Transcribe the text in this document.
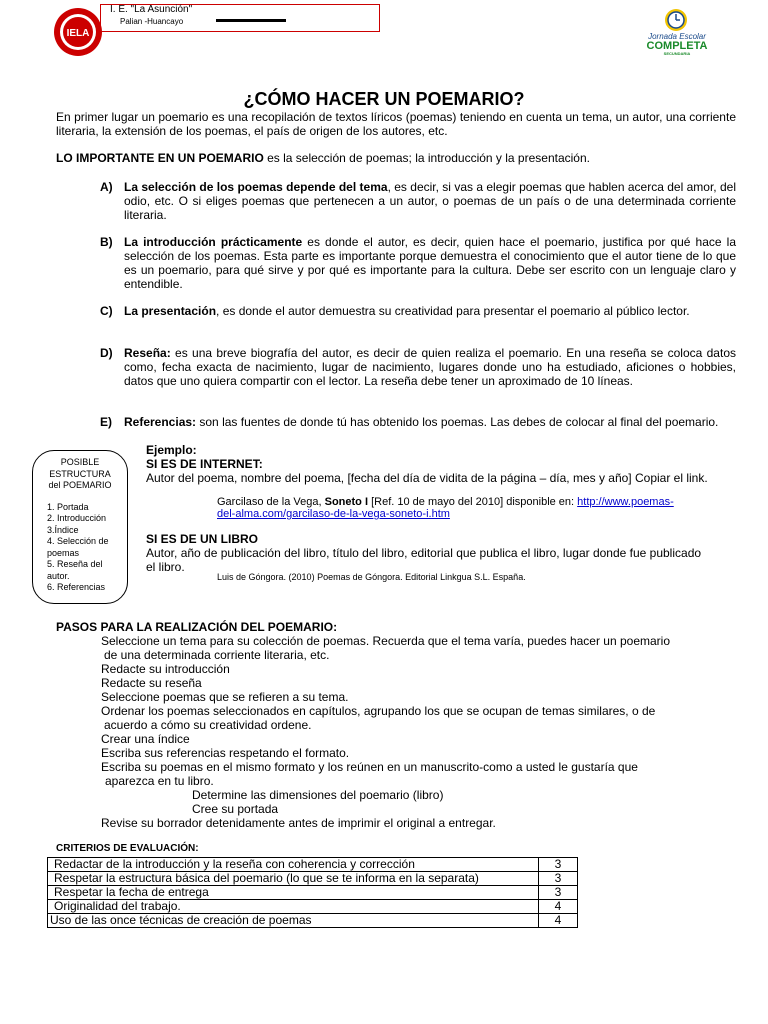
IELA
I. E. "La Asunción"
Palian -Huancayo
Jornada Escolar
COMPLETA
SECUNDARIA
¿CÓMO HACER UN POEMARIO?
En primer lugar un poemario es una recopilación de textos líricos (poemas) teniendo en cuenta un tema, un autor, una corriente literaria, la extensión de los poemas, el país de origen de los autores, etc.
LO IMPORTANTE EN UN POEMARIO es la selección de poemas; la introducción y la presentación.
A) La selección de los poemas depende del tema, es decir, si vas a elegir poemas que hablen acerca del amor, del odio, etc. O si eliges poemas que pertenecen a un autor, o poemas de un país o de una determinada corriente literaria.
B) La introducción prácticamente es donde el autor, es decir, quien hace el poemario, justifica por qué hace la selección de los poemas. Esta parte es importante porque demuestra el conocimiento que el autor tiene de lo que es un poemario, para qué sirve y por qué es importante para la cultura. Debe ser escrito con un lenguaje claro y entendible.
C) La presentación, es donde el autor demuestra su creatividad para presentar el poemario al público lector.
D) Reseña: es una breve biografía del autor, es decir de quien realiza el poemario. En una reseña se coloca datos como, fecha exacta de nacimiento, lugar de nacimiento, lugares donde uno ha estudiado, aficiones o hobbies, datos que uno quiera compartir con el lector. La reseña debe tener un aproximado de 10 líneas.
E) Referencias: son las fuentes de donde tú has obtenido los poemas. Las debes de colocar al final del poemario.
POSIBLE
ESTRUCTURA
del POEMARIO
1. Portada
2. Introducción
3.Índice
4. Selección de
poemas
5. Reseña del
autor.
6. Referencias
Ejemplo:
SI ES DE INTERNET:
Autor del poema, nombre del poema, [fecha del día de vidita de la página – día, mes y año] Copiar el link.
Garcilaso de la Vega, Soneto I [Ref. 10 de mayo del 2010] disponible en: http://www.poemas-
del-alma.com/garcilaso-de-la-vega-soneto-i.htm
SI ES DE UN LIBRO
Autor, año de publicación del libro, título del libro, editorial que publica el libro, lugar donde fue publicado el libro.
Luis de Góngora. (2010) Poemas de Góngora. Editorial Linkgua S.L. España.
PASOS PARA LA REALIZACIÓN DEL POEMARIO:
Seleccione un tema para su colección de poemas. Recuerda que el tema varía, puedes hacer un poemario
de una determinada corriente literaria, etc.
Redacte su introducción
Redacte su reseña
Seleccione poemas que se refieren a su tema.
Ordenar los poemas seleccionados en capítulos, agrupando los que se ocupan de temas similares, o de
acuerdo a cómo su creatividad ordene.
Crear una índice
Escriba sus referencias respetando el formato.
Escriba su poemas en el mismo formato y los reúnen en un manuscrito-como a usted le gustaría que
aparezca en tu libro.
Determine las dimensiones del poemario (libro)
Cree su portada
Revise su borrador detenidamente antes de imprimir el original a entregar.
CRITERIOS DE EVALUACIÓN:
Redactar de la introducción y la reseña con coherencia y corrección	3
Respetar la estructura básica del poemario (lo que se te informa en la separata)	3
Respetar la fecha de entrega	3
Originalidad del trabajo.	4
Uso de las once técnicas de creación de poemas	4
